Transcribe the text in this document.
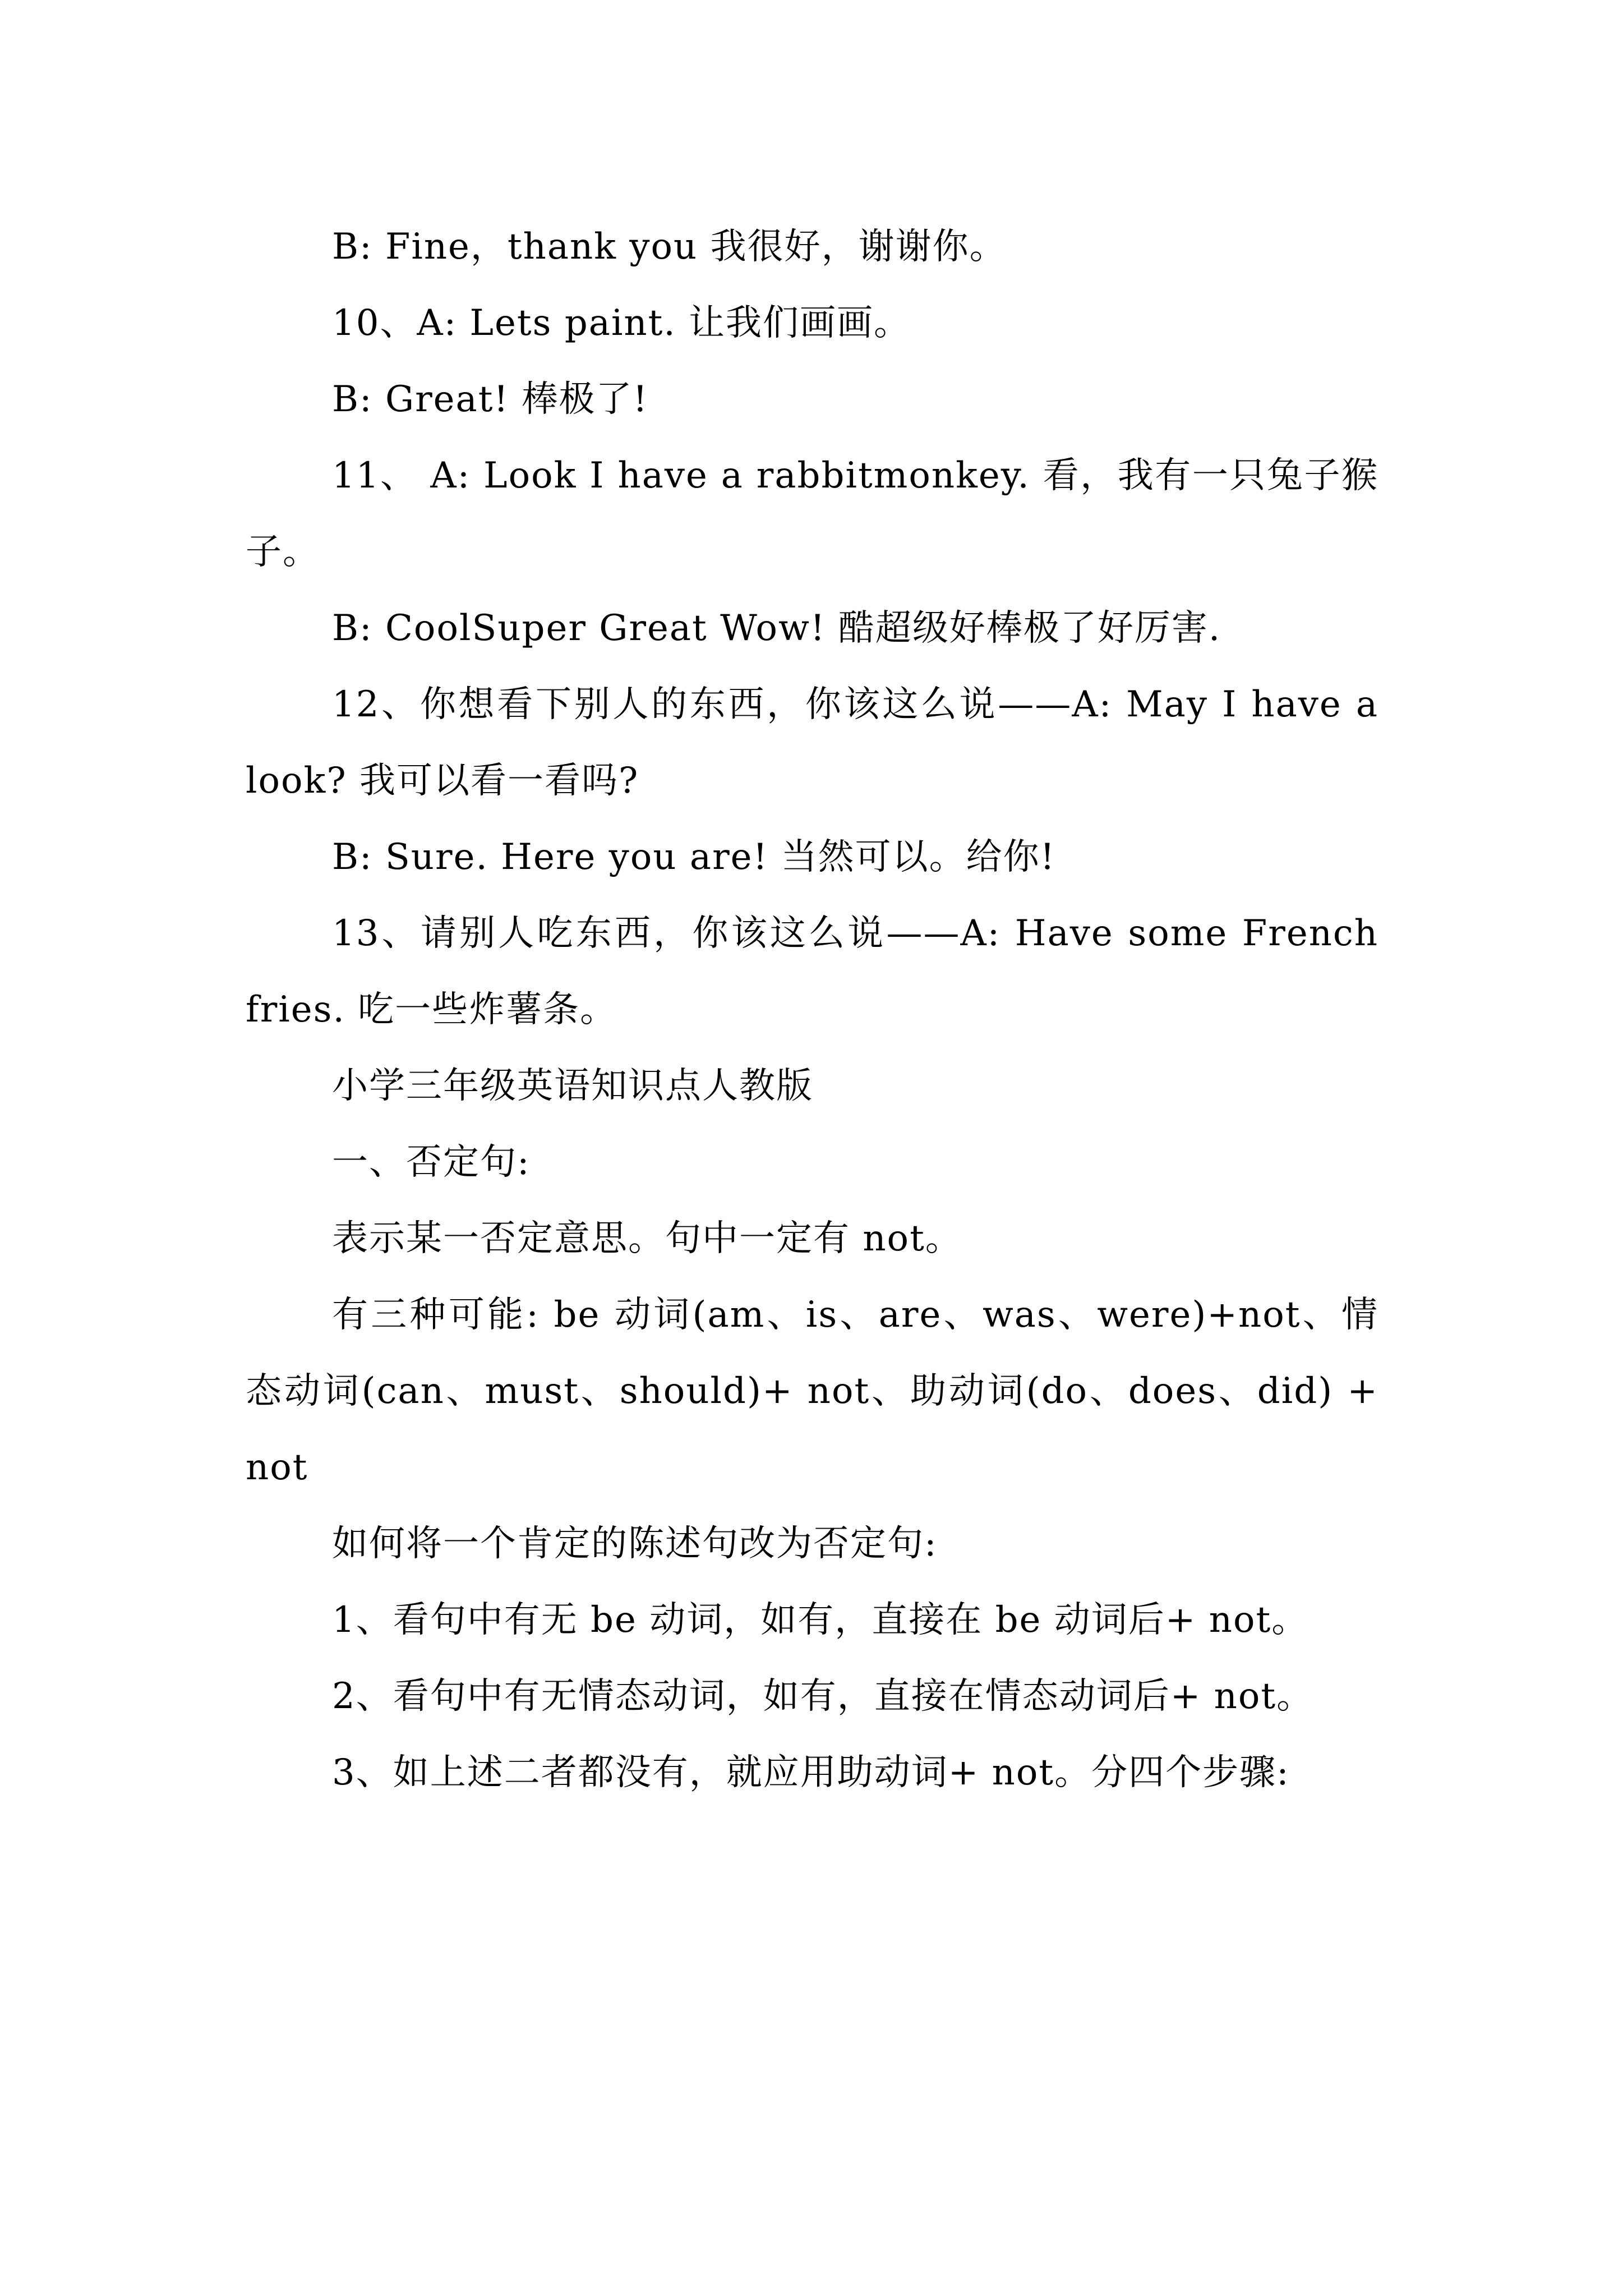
B: Fine，thank you 我很好，谢谢你。

10、A: Lets paint. 让我们画画。

B: Great! 棒极了!

11、 A: Look I have a rabbitmonkey. 看，我有一只兔子猴子。

B: CoolSuper Great Wow! 酷超级好棒极了好厉害.

12、你想看下别人的东西，你该这么说——A: May I have a look? 我可以看一看吗?

B: Sure. Here you are! 当然可以。给你!

13、请别人吃东西，你该这么说——A: Have some French fries. 吃一些炸薯条。

小学三年级英语知识点人教版

一、否定句:

表示某一否定意思。句中一定有 not。

有三种可能: be 动词(am、is、are、was、were)+not、情态动词(can、must、should)+ not、助动词(do、does、did) + not

如何将一个肯定的陈述句改为否定句:

1、看句中有无 be 动词，如有，直接在 be 动词后+ not。

2、看句中有无情态动词，如有，直接在情态动词后+ not。

3、如上述二者都没有，就应用助动词+ not。分四个步骤:
